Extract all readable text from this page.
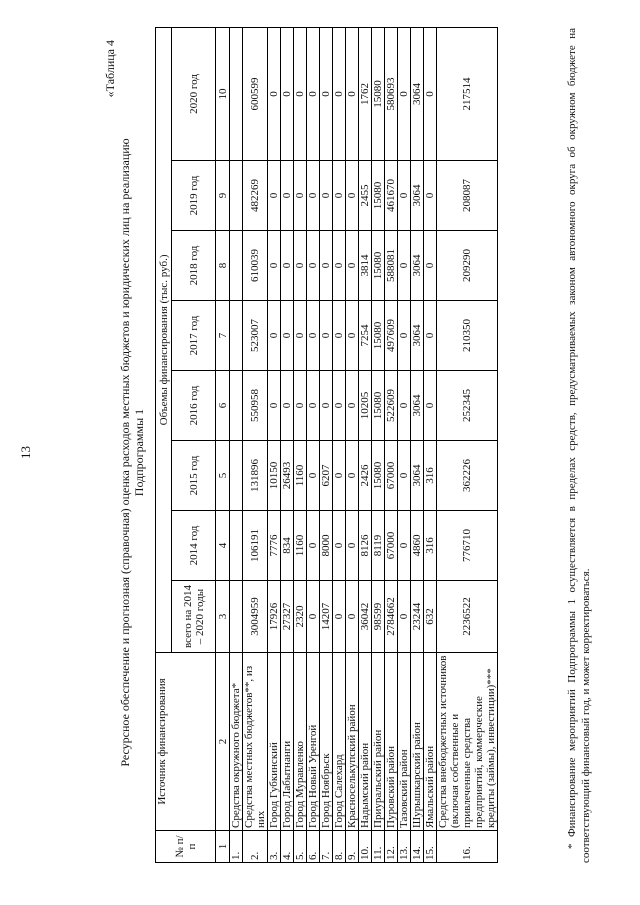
13
«Таблица 4
Ресурсное обеспечение и прогнозная (справочная) оценка расходов местных бюджетов и юридических лиц на реализацию Подпрограммы 1
№ п/п	Источник финансирования	Объемы финансирования (тыс. руб.)							
		всего на 2014 – 2020 годы	2014 год	2015 год	2016 год	2017 год	2018 год	2019 год	2020 год
1	2	3	4	5	6	7	8	9	10
1.	Средства окружного бюджета*								
2.	Средства местных бюджетов**, из них	3004959	106191	131896	550958	523007	610039	482269	600599
3.	Город Губкинский	17926	7776	10150	0	0	0	0	0
4.	Город Лабытнанги	27327	834	26493	0	0	0	0	0
5.	Город Муравленко	2320	1160	1160	0	0	0	0	0
6.	Город Новый Уренгой	0	0	0	0	0	0	0	0
7.	Город Ноябрьск	14207	8000	6207	0	0	0	0	0
8.	Город Салехард	0	0	0	0	0	0	0	0
9.	Красноселькупский район	0	0	0	0	0	0	0	0
10.	Надымский район	36042	8126	2426	10205	7254	3814	2455	1762
11.	Приуральский район	98599	8119	15080	15080	15080	15080	15080	15080
12.	Пуровский район	2784662	67000	67000	522609	497609	588081	461670	580693
13.	Тазовский район	0	0	0	0	0	0	0	0
14.	Шурышкарский район	23244	4860	3064	3064	3064	3064	3064	3064
15.	Ямальский район	632	316	316	0	0	0	0	0
16.	Средства внебюджетных источников (включая собственные и привлеченные средства предприятий, коммерческие кредиты (займы), инвестиции)***	2236522	776710	362226	252345	210350	209290	208087	217514	* Финансирование мероприятий Подпрограммы 1 осуществляется в пределах средств, предусматриваемых законом автономного округа об окружном бюджете на соответствующий финансовый год, и может корректироваться.
